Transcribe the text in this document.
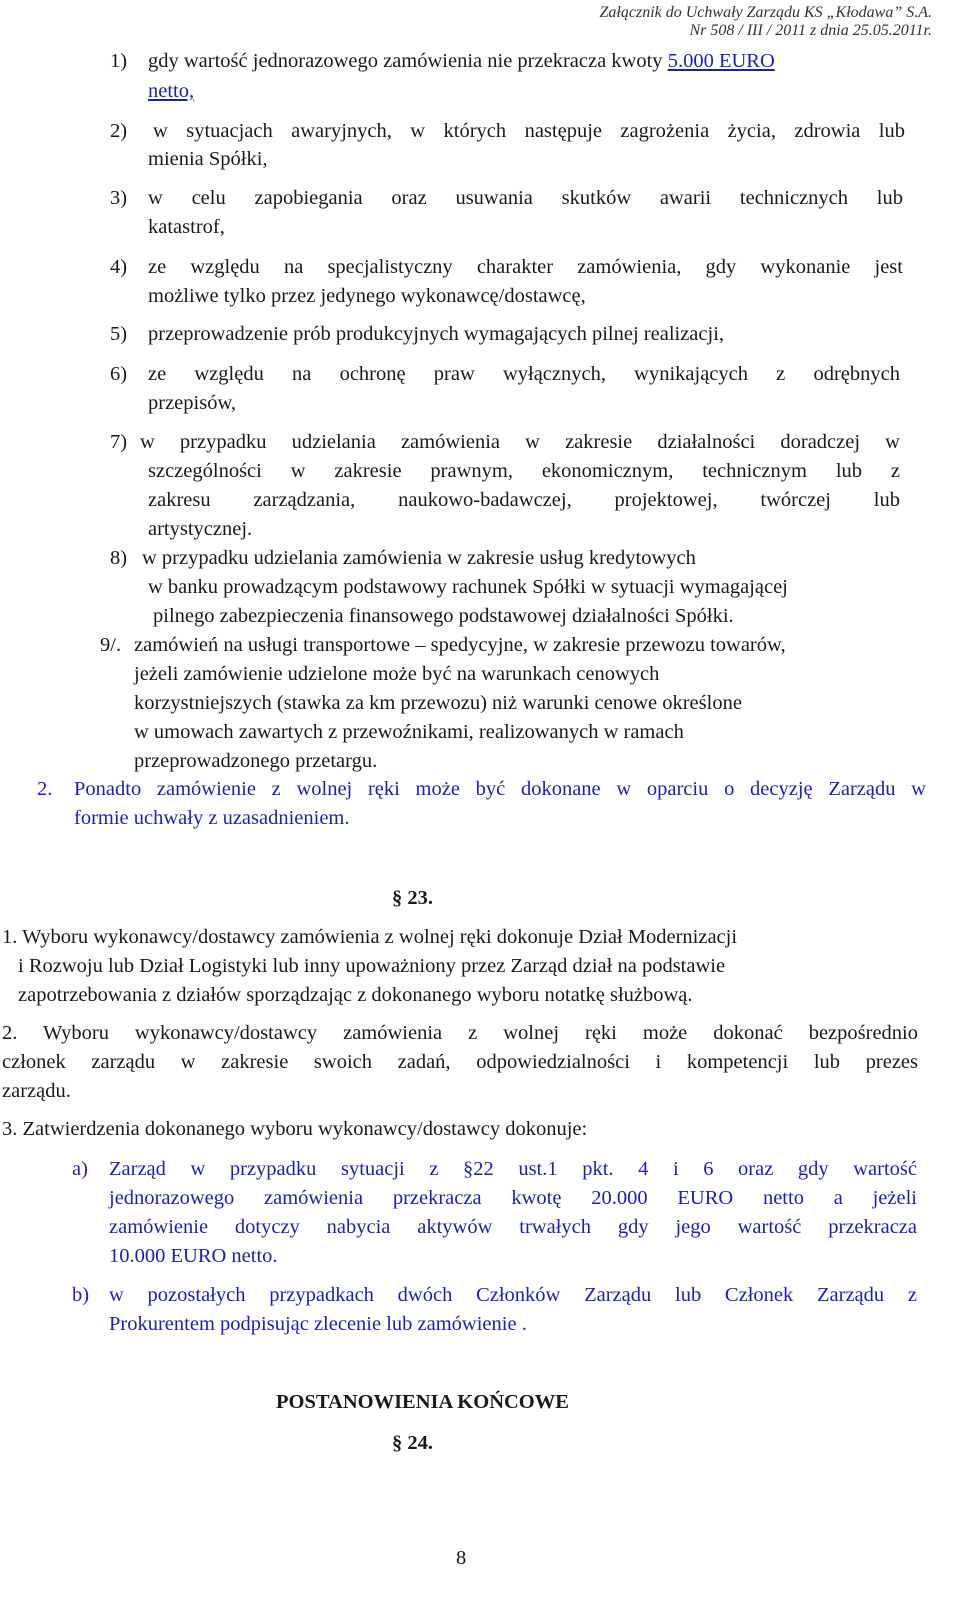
Załącznik do Uchwały Zarządu KS „Kłodawa” S.A.
Nr 508 / III / 2011 z dnia 25.05.2011r.
1) gdy wartość jednorazowego zamówienia nie przekracza kwoty 5.000 EURO
netto,
2) w sytuacjach awaryjnych, w których następuje zagrożenia życia, zdrowia lub
mienia Spółki,
3) w celu zapobiegania oraz usuwania skutków awarii technicznych lub
katastrof,
4) ze względu na specjalistyczny charakter zamówienia, gdy wykonanie jest
możliwe tylko przez jedynego wykonawcę/dostawcę,
5) przeprowadzenie prób produkcyjnych wymagających pilnej realizacji,
6) ze względu na ochronę praw wyłącznych, wynikających z odrębnych
przepisów,
7) w przypadku udzielania zamówienia w zakresie działalności doradczej w
szczególności w zakresie prawnym, ekonomicznym, technicznym lub z
zakresu zarządzania, naukowo-badawczej, projektowej, twórczej lub
artystycznej.
8) w przypadku udzielania zamówienia w zakresie usług kredytowych
w banku prowadzącym podstawowy rachunek Spółki w sytuacji wymagającej
pilnego zabezpieczenia finansowego podstawowej działalności Spółki.
9/. zamówień na usługi transportowe – spedycyjne, w zakresie przewozu towarów,
jeżeli zamówienie udzielone może być na warunkach cenowych
korzystniejszych (stawka za km przewozu) niż warunki cenowe określone
w umowach zawartych z przewoźnikami, realizowanych w ramach
przeprowadzonego przetargu.
2. Ponadto zamówienie z wolnej ręki może być dokonane w oparciu o decyzję Zarządu w
formie uchwały z uzasadnieniem.
§ 23.
1. Wyboru wykonawcy/dostawcy zamówienia z wolnej ręki dokonuje Dział Modernizacji
i Rozwoju lub Dział Logistyki lub inny upoważniony przez Zarząd dział na podstawie
zapotrzebowania z działów sporządzając z dokonanego wyboru notatkę służbową.
2. Wyboru wykonawcy/dostawcy zamówienia z wolnej ręki może dokonać bezpośrednio
członek zarządu w zakresie swoich zadań, odpowiedzialności i kompetencji lub prezes
zarządu.
3. Zatwierdzenia dokonanego wyboru wykonawcy/dostawcy dokonuje:
a) Zarząd w przypadku sytuacji z §22 ust.1 pkt. 4 i 6 oraz gdy wartość
jednorazowego zamówienia przekracza kwotę 20.000 EURO netto a jeżeli
zamówienie dotyczy nabycia aktywów trwałych gdy jego wartość przekracza
10.000 EURO netto.
b) w pozostałych przypadkach dwóch Członków Zarządu lub Członek Zarządu z
Prokurentem podpisując zlecenie lub zamówienie .
POSTANOWIENIA KOŃCOWE
§ 24.
8
